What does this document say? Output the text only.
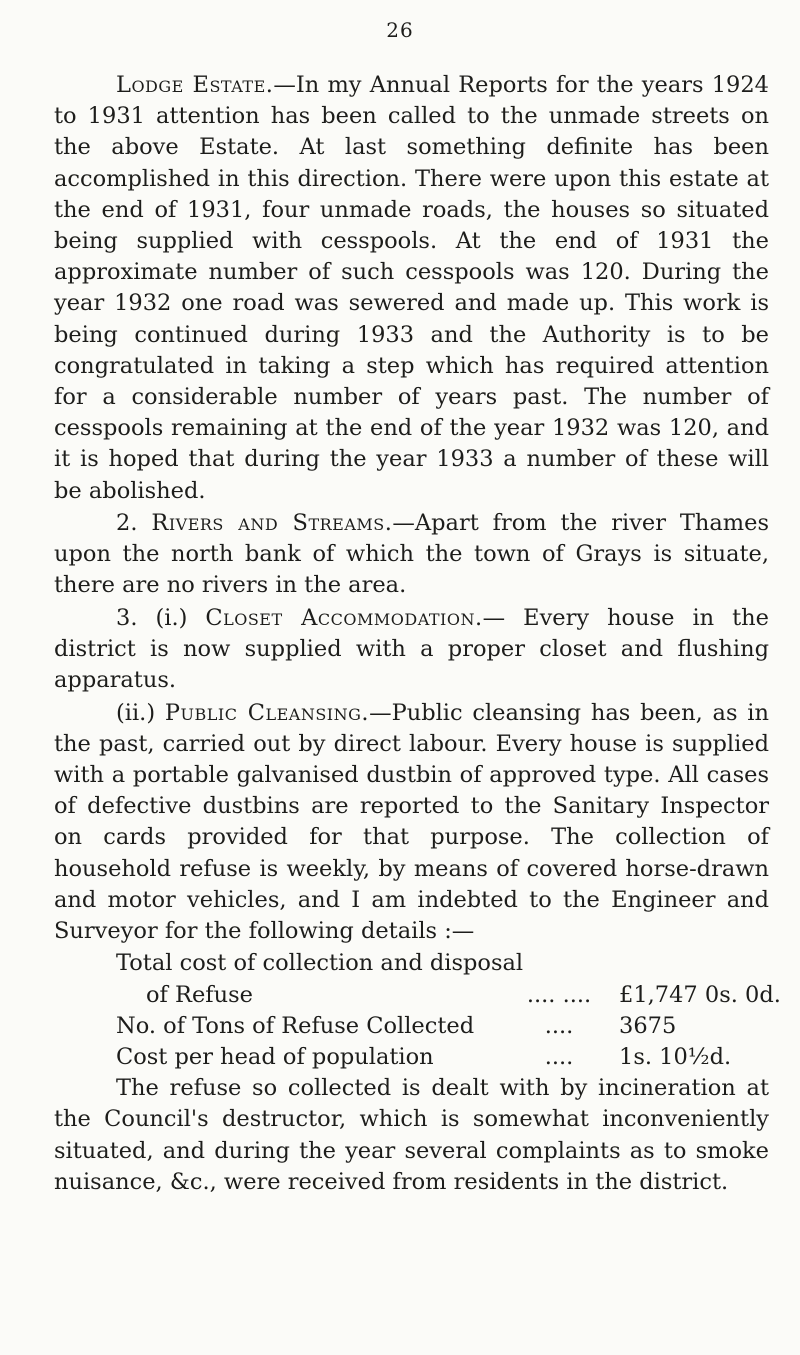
26

Lodge Estate.—In my Annual Reports for the years 1924 to 1931 attention has been called to the unmade streets on the above Estate. At last something definite has been accomplished in this direction. There were upon this estate at the end of 1931, four unmade roads, the houses so situated being supplied with cesspools. At the end of 1931 the approximate number of such cesspools was 120. During the year 1932 one road was sewered and made up. This work is being continued during 1933 and the Authority is to be congratulated in taking a step which has required attention for a considerable number of years past. The number of cesspools remaining at the end of the year 1932 was 120, and it is hoped that during the year 1933 a number of these will be abolished.

2. Rivers and Streams.—Apart from the river Thames upon the north bank of which the town of Grays is situate, there are no rivers in the area.

3. (i.) Closet Accommodation.— Every house in the district is now supplied with a proper closet and flushing apparatus.

(ii.) Public Cleansing.—Public cleansing has been, as in the past, carried out by direct labour. Every house is supplied with a portable galvanised dustbin of approved type. All cases of defective dustbins are reported to the Sanitary Inspector on cards provided for that purpose. The collection of household refuse is weekly, by means of covered horse-drawn and motor vehicles, and I am indebted to the Engineer and Surveyor for the following details :—

Total cost of collection and disposal
of Refuse	.... ....	£1,747 0s. 0d.
No. of Tons of Refuse Collected	....	3675
Cost per head of population	....	1s. 10½d.

The refuse so collected is dealt with by incineration at the Council's destructor, which is somewhat inconveniently situated, and during the year several complaints as to smoke nuisance, &c., were received from residents in the district.
